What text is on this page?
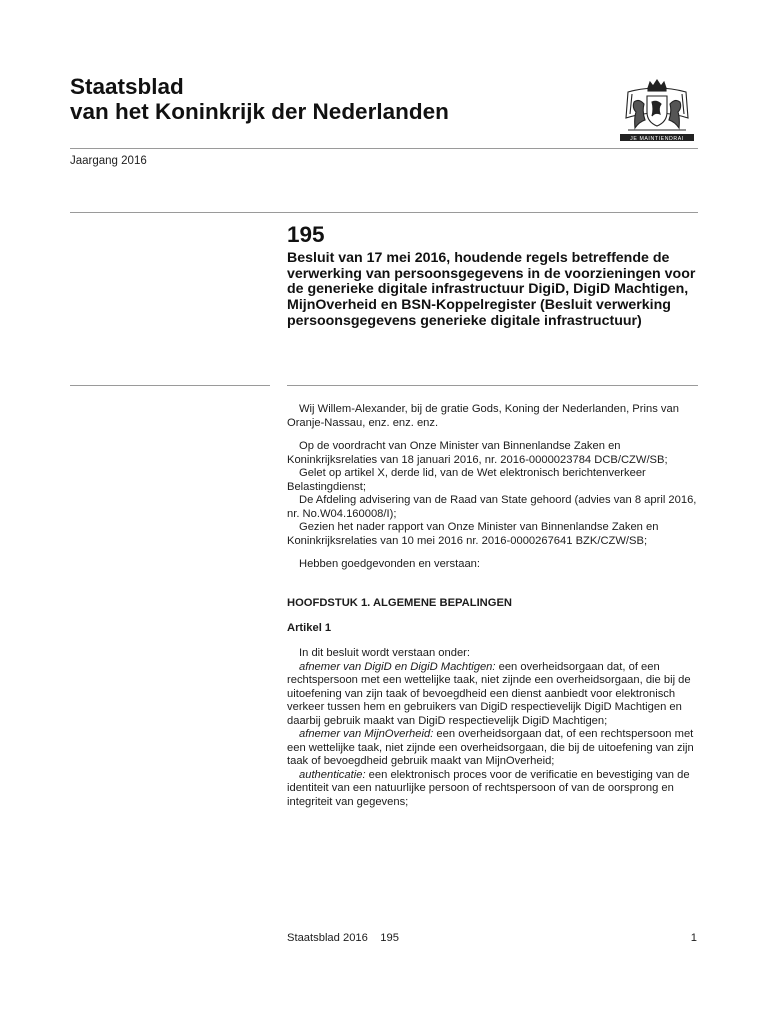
Staatsblad
van het Koninkrijk der Nederlanden
JE MAINTIENDRAI
Jaargang 2016
195
Besluit van 17 mei 2016, houdende regels betreffende de verwerking van persoonsgegevens in de voorzieningen voor de generieke digitale infrastructuur DigiD, DigiD Machtigen, MijnOverheid en BSN-Koppelregister (Besluit verwerking persoonsgegevens generieke digitale infrastructuur)

Wij Willem-Alexander, bij de gratie Gods, Koning der Nederlanden, Prins van Oranje-Nassau, enz. enz. enz.

Op de voordracht van Onze Minister van Binnenlandse Zaken en Koninkrijksrelaties van 18 januari 2016, nr. 2016-0000023784 DCB/CZW/SB;

Gelet op artikel X, derde lid, van de Wet elektronisch berichtenverkeer Belastingdienst;

De Afdeling advisering van de Raad van State gehoord (advies van 8 april 2016, nr. No.W04.160008/I);

Gezien het nader rapport van Onze Minister van Binnenlandse Zaken en Koninkrijksrelaties van 10 mei 2016 nr. 2016-0000267641 BZK/CZW/SB;

Hebben goedgevonden en verstaan:

HOOFDSTUK 1. ALGEMENE BEPALINGEN
Artikel 1

In dit besluit wordt verstaan onder:

afnemer van DigiD en DigiD Machtigen: een overheidsorgaan dat, of een rechtspersoon met een wettelijke taak, niet zijnde een overheidsorgaan, die bij de uitoefening van zijn taak of bevoegdheid een dienst aanbiedt voor elektronisch verkeer tussen hem en gebruikers van DigiD respectievelijk DigiD Machtigen en daarbij gebruik maakt van DigiD respectievelijk DigiD Machtigen;

afnemer van MijnOverheid: een overheidsorgaan dat, of een rechtspersoon met een wettelijke taak, niet zijnde een overheidsorgaan, die bij de uitoefening van zijn taak of bevoegdheid gebruik maakt van MijnOverheid;

authenticatie: een elektronisch proces voor de verificatie en bevestiging van de identiteit van een natuurlijke persoon of rechtspersoon of van de oorsprong en integriteit van gegevens;

Staatsblad 2016    195	1
